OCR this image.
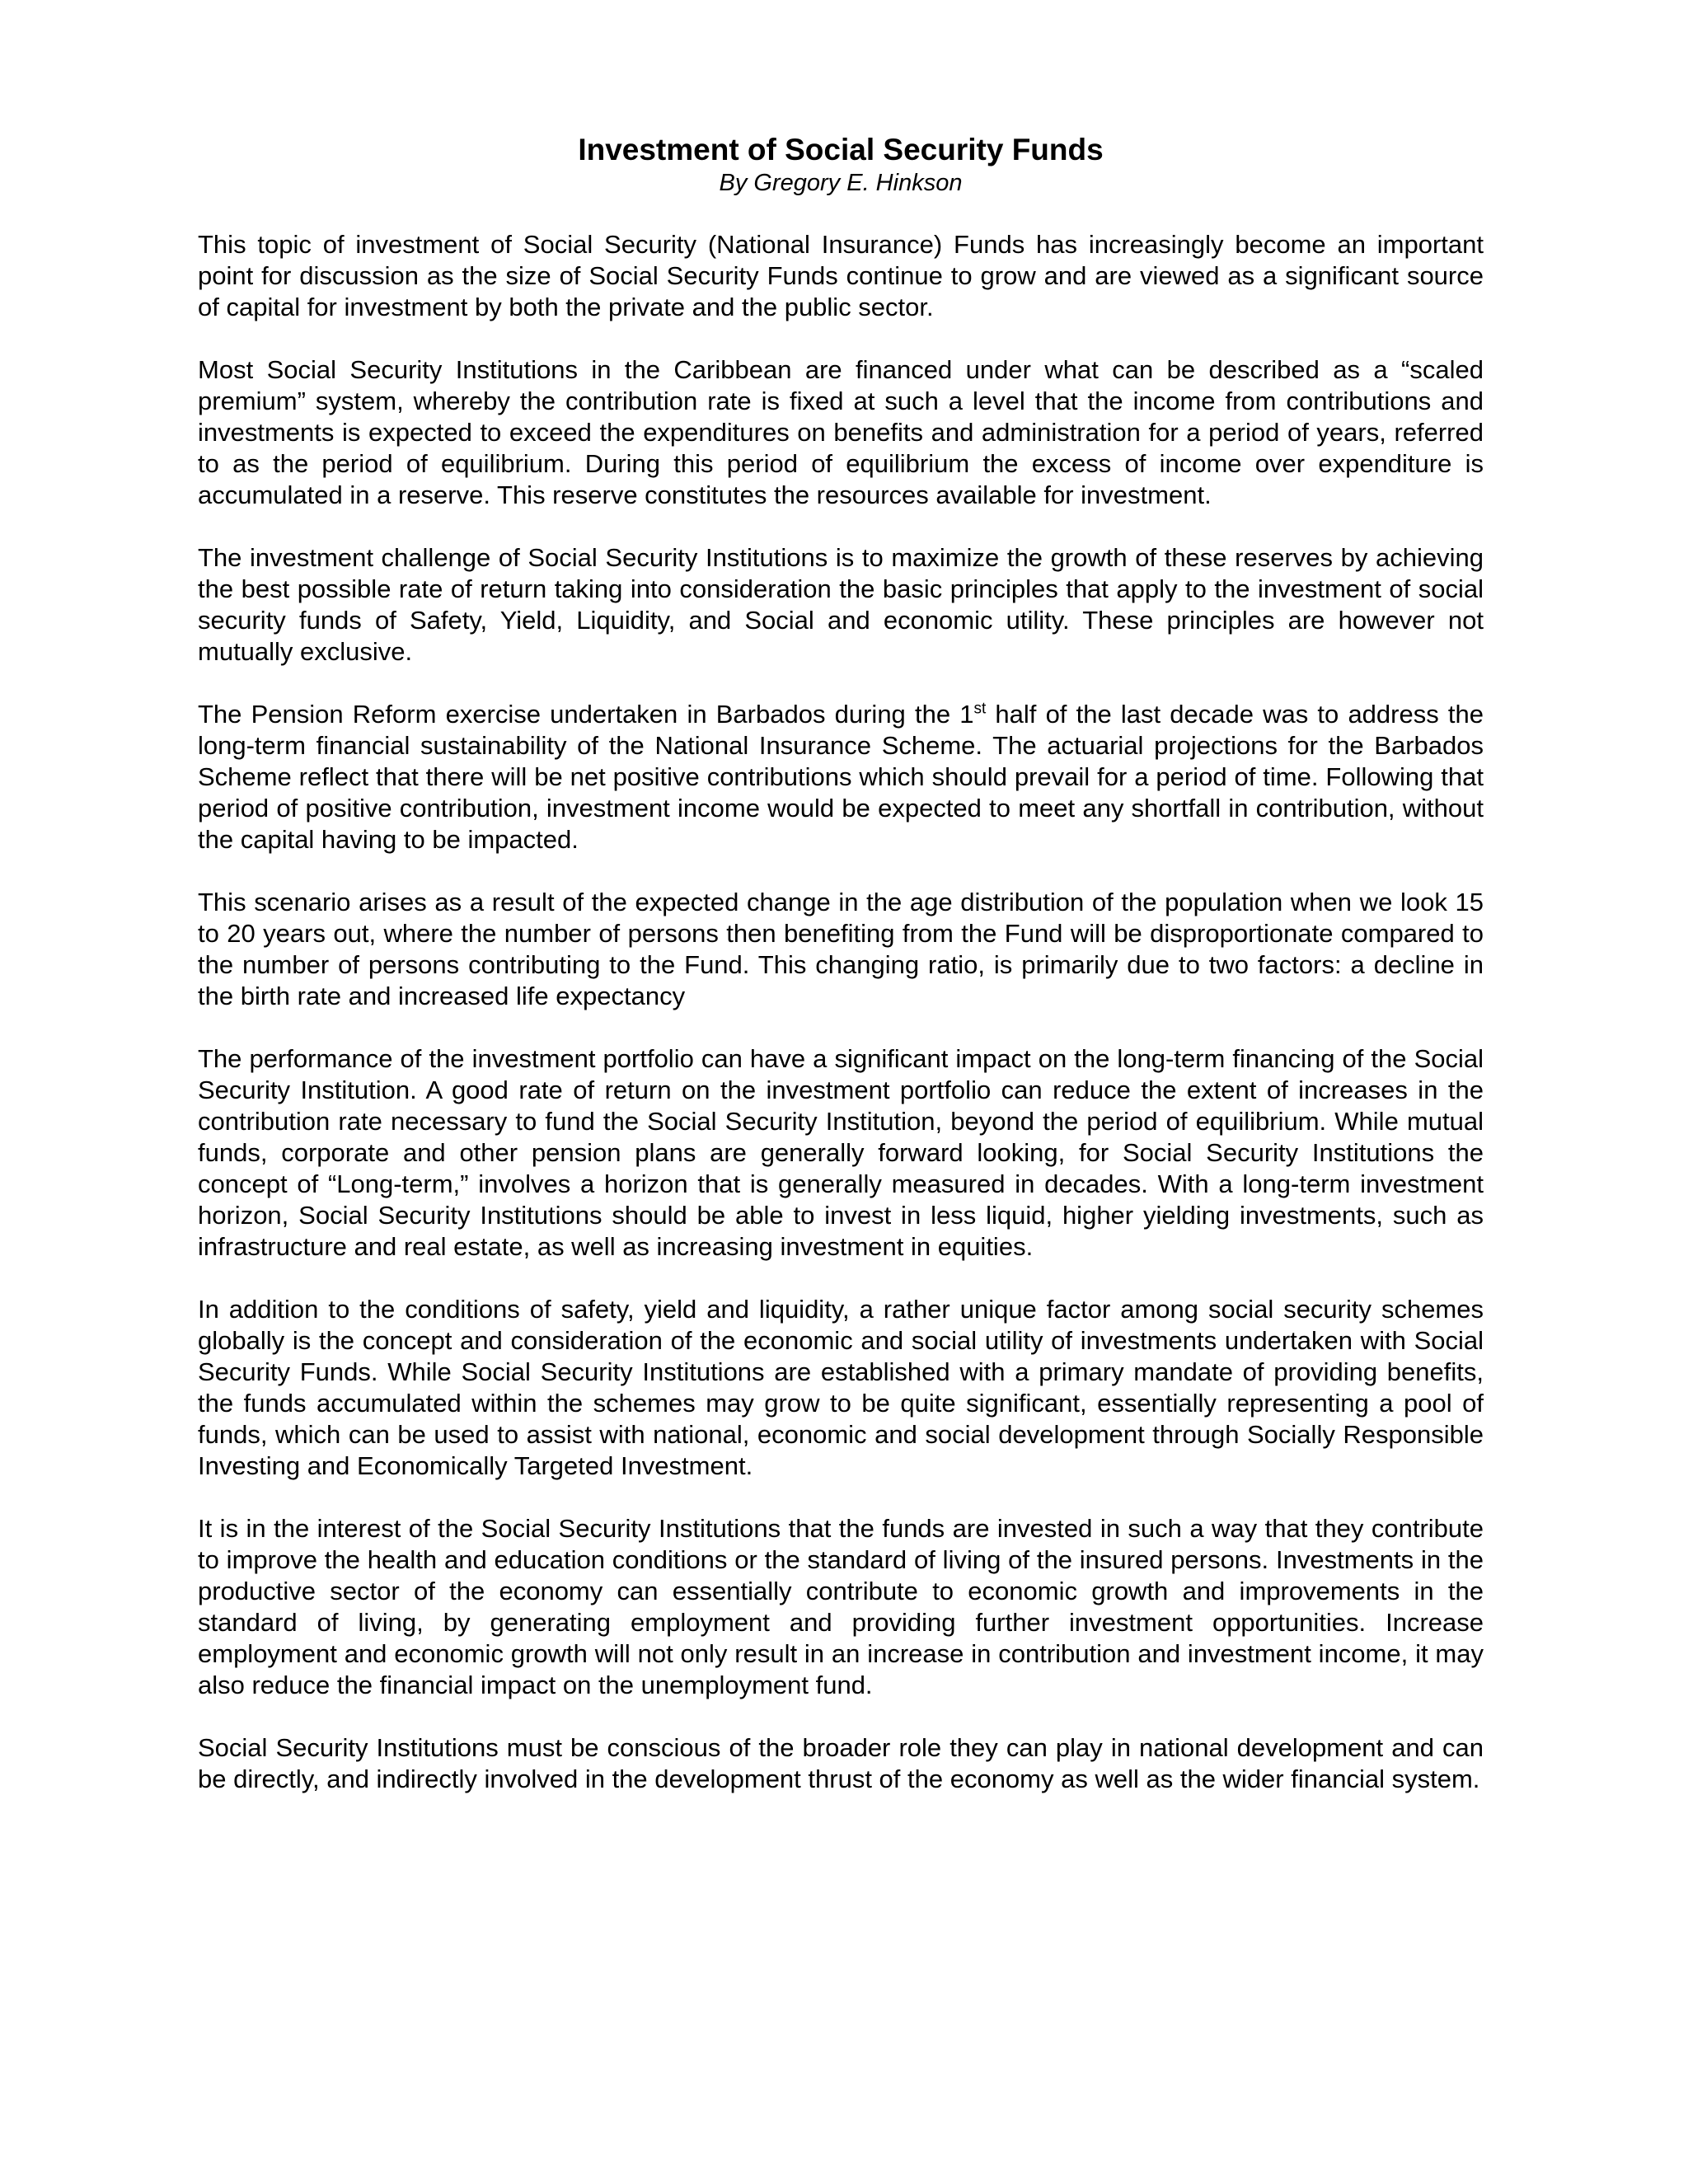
Investment of Social Security Funds

By Gregory E. Hinkson

This topic of investment of Social Security (National Insurance) Funds has increasingly become an important point for discussion as the size of Social Security Funds continue to grow and are viewed as a significant source of capital for investment by both the private and the public sector.

Most Social Security Institutions in the Caribbean are financed under what can be described as a “scaled premium” system, whereby the contribution rate is fixed at such a level that the income from contributions and investments is expected to exceed the expenditures on benefits and administration for a period of years, referred to as the period of equilibrium. During this period of equilibrium the excess of income over expenditure is accumulated in a reserve. This reserve constitutes the resources available for investment.

The investment challenge of Social Security Institutions is to maximize the growth of these reserves by achieving the best possible rate of return taking into consideration the basic principles that apply to the investment of social security funds of Safety, Yield, Liquidity, and Social and economic utility. These principles are however not mutually exclusive.

The Pension Reform exercise undertaken in Barbados during the 1st half of the last decade was to address the long-term financial sustainability of the National Insurance Scheme. The actuarial projections for the Barbados Scheme reflect that there will be net positive contributions which should prevail for a period of time. Following that period of positive contribution, investment income would be expected to meet any shortfall in contribution, without the capital having to be impacted.

This scenario arises as a result of the expected change in the age distribution of the population when we look 15 to 20 years out, where the number of persons then benefiting from the Fund will be disproportionate compared to the number of persons contributing to the Fund. This changing ratio, is primarily due to two factors: a decline in the birth rate and increased life expectancy

The performance of the investment portfolio can have a significant impact on the long-term financing of the Social Security Institution. A good rate of return on the investment portfolio can reduce the extent of increases in the contribution rate necessary to fund the Social Security Institution, beyond the period of equilibrium. While mutual funds, corporate and other pension plans are generally forward looking, for Social Security Institutions the concept of “Long-term,” involves a horizon that is generally measured in decades. With a long-term investment horizon, Social Security Institutions should be able to invest in less liquid, higher yielding investments, such as infrastructure and real estate, as well as increasing investment in equities.

In addition to the conditions of safety, yield and liquidity, a rather unique factor among social security schemes globally is the concept and consideration of the economic and social utility of investments undertaken with Social Security Funds. While Social Security Institutions are established with a primary mandate of providing benefits, the funds accumulated within the schemes may grow to be quite significant, essentially representing a pool of funds, which can be used to assist with national, economic and social development through Socially Responsible Investing and Economically Targeted Investment.

It is in the interest of the Social Security Institutions that the funds are invested in such a way that they contribute to improve the health and education conditions or the standard of living of the insured persons. Investments in the productive sector of the economy can essentially contribute to economic growth and improvements in the standard of living, by generating employment and providing further investment opportunities. Increase employment and economic growth will not only result in an increase in contribution and investment income, it may also reduce the financial impact on the unemployment fund.

Social Security Institutions must be conscious of the broader role they can play in national development and can be directly, and indirectly involved in the development thrust of the economy as well as the wider financial system.
